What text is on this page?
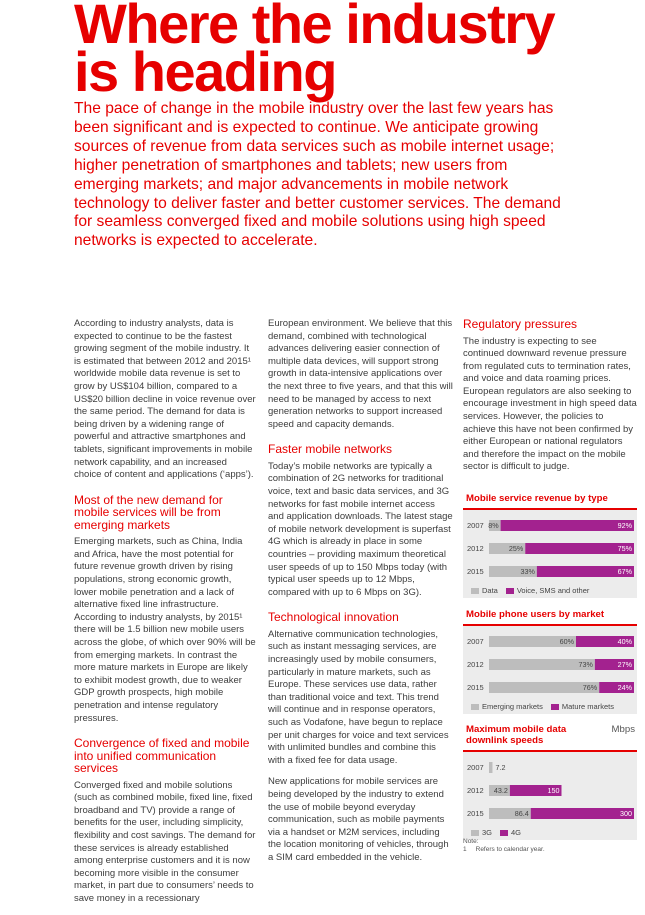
Where the industry
is heading

The pace of change in the mobile industry over the last few years has been significant and is expected to continue. We anticipate growing sources of revenue from data services such as mobile internet usage; higher penetration of smartphones and tablets; new users from emerging markets; and major advancements in mobile network technology to deliver faster and better customer services. The demand for seamless converged fixed and mobile solutions using high speed networks is expected to accelerate.

According to industry analysts, data is expected to continue to be the fastest growing segment of the mobile industry. It is estimated that between 2012 and 2015¹ worldwide mobile data revenue is set to grow by US$104 billion, compared to a US$20 billion decline in voice revenue over the same period. The demand for data is being driven by a widening range of powerful and attractive smartphones and tablets, significant improvements in mobile network capability, and an increased choice of content and applications (‘apps’).

Most of the new demand for mobile services will be from emerging markets

Emerging markets, such as China, India and Africa, have the most potential for future revenue growth driven by rising populations, strong economic growth, lower mobile penetration and a lack of alternative fixed line infrastructure. According to industry analysts, by 2015¹ there will be 1.5 billion new mobile users across the globe, of which over 90% will be from emerging markets. In contrast the more mature markets in Europe are likely to exhibit modest growth, due to weaker GDP growth prospects, high mobile penetration and intense regulatory pressures.

Convergence of fixed and mobile into unified communication services

Converged fixed and mobile solutions (such as combined mobile, fixed line, fixed broadband and TV) provide a range of benefits for the user, including simplicity, flexibility and cost savings. The demand for these services is already established among enterprise customers and it is now becoming more visible in the consumer market, in part due to consumers’ needs to save money in a recessionary

European environment. We believe that this demand, combined with technological advances delivering easier connection of multiple data devices, will support strong growth in data-intensive applications over the next three to five years, and that this will need to be managed by access to next generation networks to support increased speed and capacity demands.

Faster mobile networks

Today’s mobile networks are typically a combination of 2G networks for traditional voice, text and basic data services, and 3G networks for fast mobile internet access and application downloads. The latest stage of mobile network development is superfast 4G which is already in place in some countries – providing maximum theoretical user speeds of up to 150 Mbps today (with typical user speeds up to 12 Mbps, compared with up to 6 Mbps on 3G).

Technological innovation

Alternative communication technologies, such as instant messaging services, are increasingly used by mobile consumers, particularly in mature markets, such as Europe. These services use data, rather than traditional voice and text. This trend will continue and in response operators, such as Vodafone, have begun to replace per unit charges for voice and text services with unlimited bundles and combine this with a fixed fee for data usage.

New applications for mobile services are being developed by the industry to extend the use of mobile beyond everyday communication, such as mobile payments via a handset or M2M services, including the location monitoring of vehicles, through a SIM card embedded in the vehicle.

Regulatory pressures

The industry is expecting to see continued downward revenue pressure from regulated cuts to termination rates, and voice and data roaming prices. European regulators are also seeking to encourage investment in high speed data services. However, the policies to achieve this have not been confirmed by either European or national regulators and therefore the impact on the mobile sector is difficult to judge.

Mobile service revenue by type
2007 8%	92%
2012	25%	75%
2015	33%	67%
Data	Voice, SMS and other
Mobile phone users by market
2007	60%	40%
2012	73%	27%
2015	76%	24%
Emerging markets	Mature markets
Maximum mobile data downlink speeds
Mbps
2007 7.2
2012 43.2	150
2015	86.4	300
3G	4G
Note:
1 Refers to calendar year.
